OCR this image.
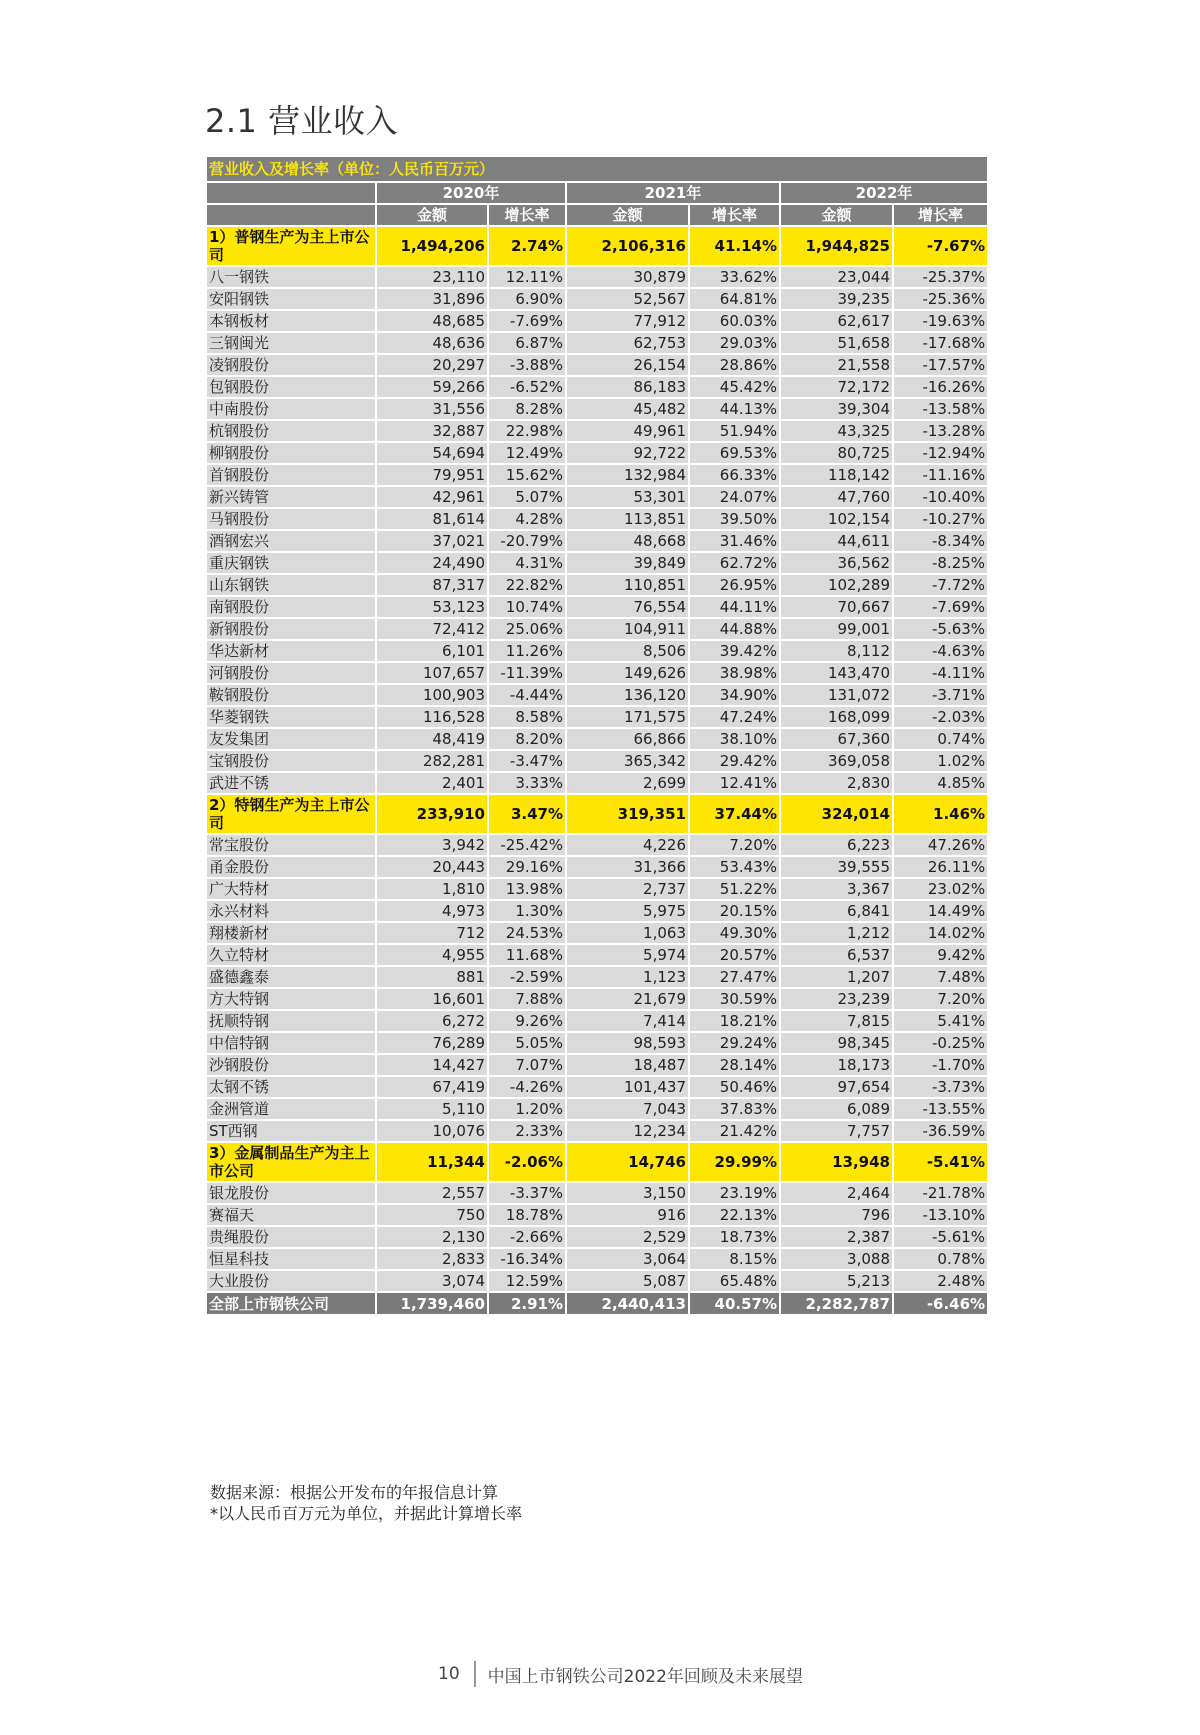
2.1 营业收入
营业收入及增长率（单位：人民币百万元）						
	2020年		2021年		2022年	
	金额	增长率	金额	增长率	金额	增长率
1）普钢生产为主上市公司	1,494,206	2.74%	2,106,316	41.14%	1,944,825	-7.67%
八一钢铁	23,110	12.11%	30,879	33.62%	23,044	-25.37%
安阳钢铁	31,896	6.90%	52,567	64.81%	39,235	-25.36%
本钢板材	48,685	-7.69%	77,912	60.03%	62,617	-19.63%
三钢闽光	48,636	6.87%	62,753	29.03%	51,658	-17.68%
凌钢股份	20,297	-3.88%	26,154	28.86%	21,558	-17.57%
包钢股份	59,266	-6.52%	86,183	45.42%	72,172	-16.26%
中南股份	31,556	8.28%	45,482	44.13%	39,304	-13.58%
杭钢股份	32,887	22.98%	49,961	51.94%	43,325	-13.28%
柳钢股份	54,694	12.49%	92,722	69.53%	80,725	-12.94%
首钢股份	79,951	15.62%	132,984	66.33%	118,142	-11.16%
新兴铸管	42,961	5.07%	53,301	24.07%	47,760	-10.40%
马钢股份	81,614	4.28%	113,851	39.50%	102,154	-10.27%
酒钢宏兴	37,021	-20.79%	48,668	31.46%	44,611	-8.34%
重庆钢铁	24,490	4.31%	39,849	62.72%	36,562	-8.25%
山东钢铁	87,317	22.82%	110,851	26.95%	102,289	-7.72%
南钢股份	53,123	10.74%	76,554	44.11%	70,667	-7.69%
新钢股份	72,412	25.06%	104,911	44.88%	99,001	-5.63%
华达新材	6,101	11.26%	8,506	39.42%	8,112	-4.63%
河钢股份	107,657	-11.39%	149,626	38.98%	143,470	-4.11%
鞍钢股份	100,903	-4.44%	136,120	34.90%	131,072	-3.71%
华菱钢铁	116,528	8.58%	171,575	47.24%	168,099	-2.03%
友发集团	48,419	8.20%	66,866	38.10%	67,360	0.74%
宝钢股份	282,281	-3.47%	365,342	29.42%	369,058	1.02%
武进不锈	2,401	3.33%	2,699	12.41%	2,830	4.85%
2）特钢生产为主上市公司	233,910	3.47%	319,351	37.44%	324,014	1.46%
常宝股份	3,942	-25.42%	4,226	7.20%	6,223	47.26%
甬金股份	20,443	29.16%	31,366	53.43%	39,555	26.11%
广大特材	1,810	13.98%	2,737	51.22%	3,367	23.02%
永兴材料	4,973	1.30%	5,975	20.15%	6,841	14.49%
翔楼新材	712	24.53%	1,063	49.30%	1,212	14.02%
久立特材	4,955	11.68%	5,974	20.57%	6,537	9.42%
盛德鑫泰	881	-2.59%	1,123	27.47%	1,207	7.48%
方大特钢	16,601	7.88%	21,679	30.59%	23,239	7.20%
抚顺特钢	6,272	9.26%	7,414	18.21%	7,815	5.41%
中信特钢	76,289	5.05%	98,593	29.24%	98,345	-0.25%
沙钢股份	14,427	7.07%	18,487	28.14%	18,173	-1.70%
太钢不锈	67,419	-4.26%	101,437	50.46%	97,654	-3.73%
金洲管道	5,110	1.20%	7,043	37.83%	6,089	-13.55%
ST西钢	10,076	2.33%	12,234	21.42%	7,757	-36.59%
3）金属制品生产为主上市公司	11,344	-2.06%	14,746	29.99%	13,948	-5.41%
银龙股份	2,557	-3.37%	3,150	23.19%	2,464	-21.78%
赛福天	750	18.78%	916	22.13%	796	-13.10%
贵绳股份	2,130	-2.66%	2,529	18.73%	2,387	-5.61%
恒星科技	2,833	-16.34%	3,064	8.15%	3,088	0.78%
大业股份	3,074	12.59%	5,087	65.48%	5,213	2.48%
全部上市钢铁公司	1,739,460	2.91%	2,440,413	40.57%	2,282,787	-6.46%
数据来源：根据公开发布的年报信息计算
*以人民币百万元为单位，并据此计算增长率
10 中国上市钢铁公司2022年回顾及未来展望
